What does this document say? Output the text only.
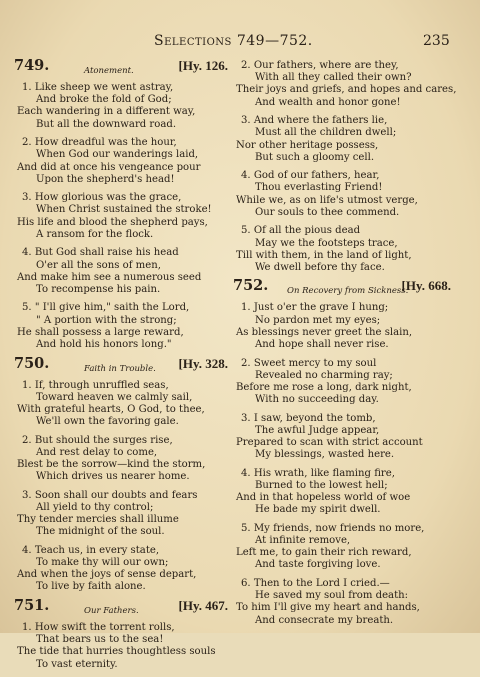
Selections 749—752.	235
749.	Atonement.	[Hy. 126.
1. Like sheep we went astray,
And broke the fold of God;
Each wandering in a different way,
But all the downward road.
2. How dreadful was the hour,
When God our wanderings laid,
And did at once his vengeance pour
Upon the shepherd's head!
3. How glorious was the grace,
When Christ sustained the stroke!
His life and blood the shepherd pays,
A ransom for the flock.
4. But God shall raise his head
O'er all the sons of men,
And make him see a numerous seed
To recompense his pain.
5. " I'll give him," saith the Lord,
" A portion with the strong;
He shall possess a large reward,
And hold his honors long."
750.	Faith in Trouble. [Hy. 328.
1. If, through unruffled seas,
Toward heaven we calmly sail,
With grateful hearts, O God, to thee,
We'll own the favoring gale.
2. But should the surges rise,
And rest delay to come,
Blest be the sorrow—kind the storm,
Which drives us nearer home.
3. Soon shall our doubts and fears
All yield to thy control;
Thy tender mercies shall illume
The midnight of the soul.
4. Teach us, in every state,
To make thy will our own;
And when the joys of sense depart,
To live by faith alone.
751.	Our Fathers.	[Hy. 467.
1. How swift the torrent rolls,
That bears us to the sea!
The tide that hurries thoughtless souls
To vast eternity.
2. Our fathers, where are they,
With all they called their own?
Their joys and griefs, and hopes and cares,
And wealth and honor gone!
3. And where the fathers lie,
Must all the children dwell;
Nor other heritage possess,
But such a gloomy cell.
4. God of our fathers, hear,
Thou everlasting Friend!
While we, as on life's utmost verge,
Our souls to thee commend.
5. Of all the pious dead
May we the footsteps trace,
Till with them, in the land of light,
We dwell before thy face.
752. On Recovery from Sickness.
[Hy. 668.
1. Just o'er the grave I hung;
No pardon met my eyes;
As blessings never greet the slain,
And hope shall never rise.
2. Sweet mercy to my soul
Revealed no charming ray;
Before me rose a long, dark night,
With no succeeding day.
3. I saw, beyond the tomb,
The awful Judge appear,
Prepared to scan with strict account
My blessings, wasted here.
4. His wrath, like flaming fire,
Burned to the lowest hell;
And in that hopeless world of woe
He bade my spirit dwell.
5. My friends, now friends no more,
At infinite remove,
Left me, to gain their rich reward,
And taste forgiving love.
6. Then to the Lord I cried.—
He saved my soul from death:
To him I'll give my heart and hands,
And consecrate my breath.
